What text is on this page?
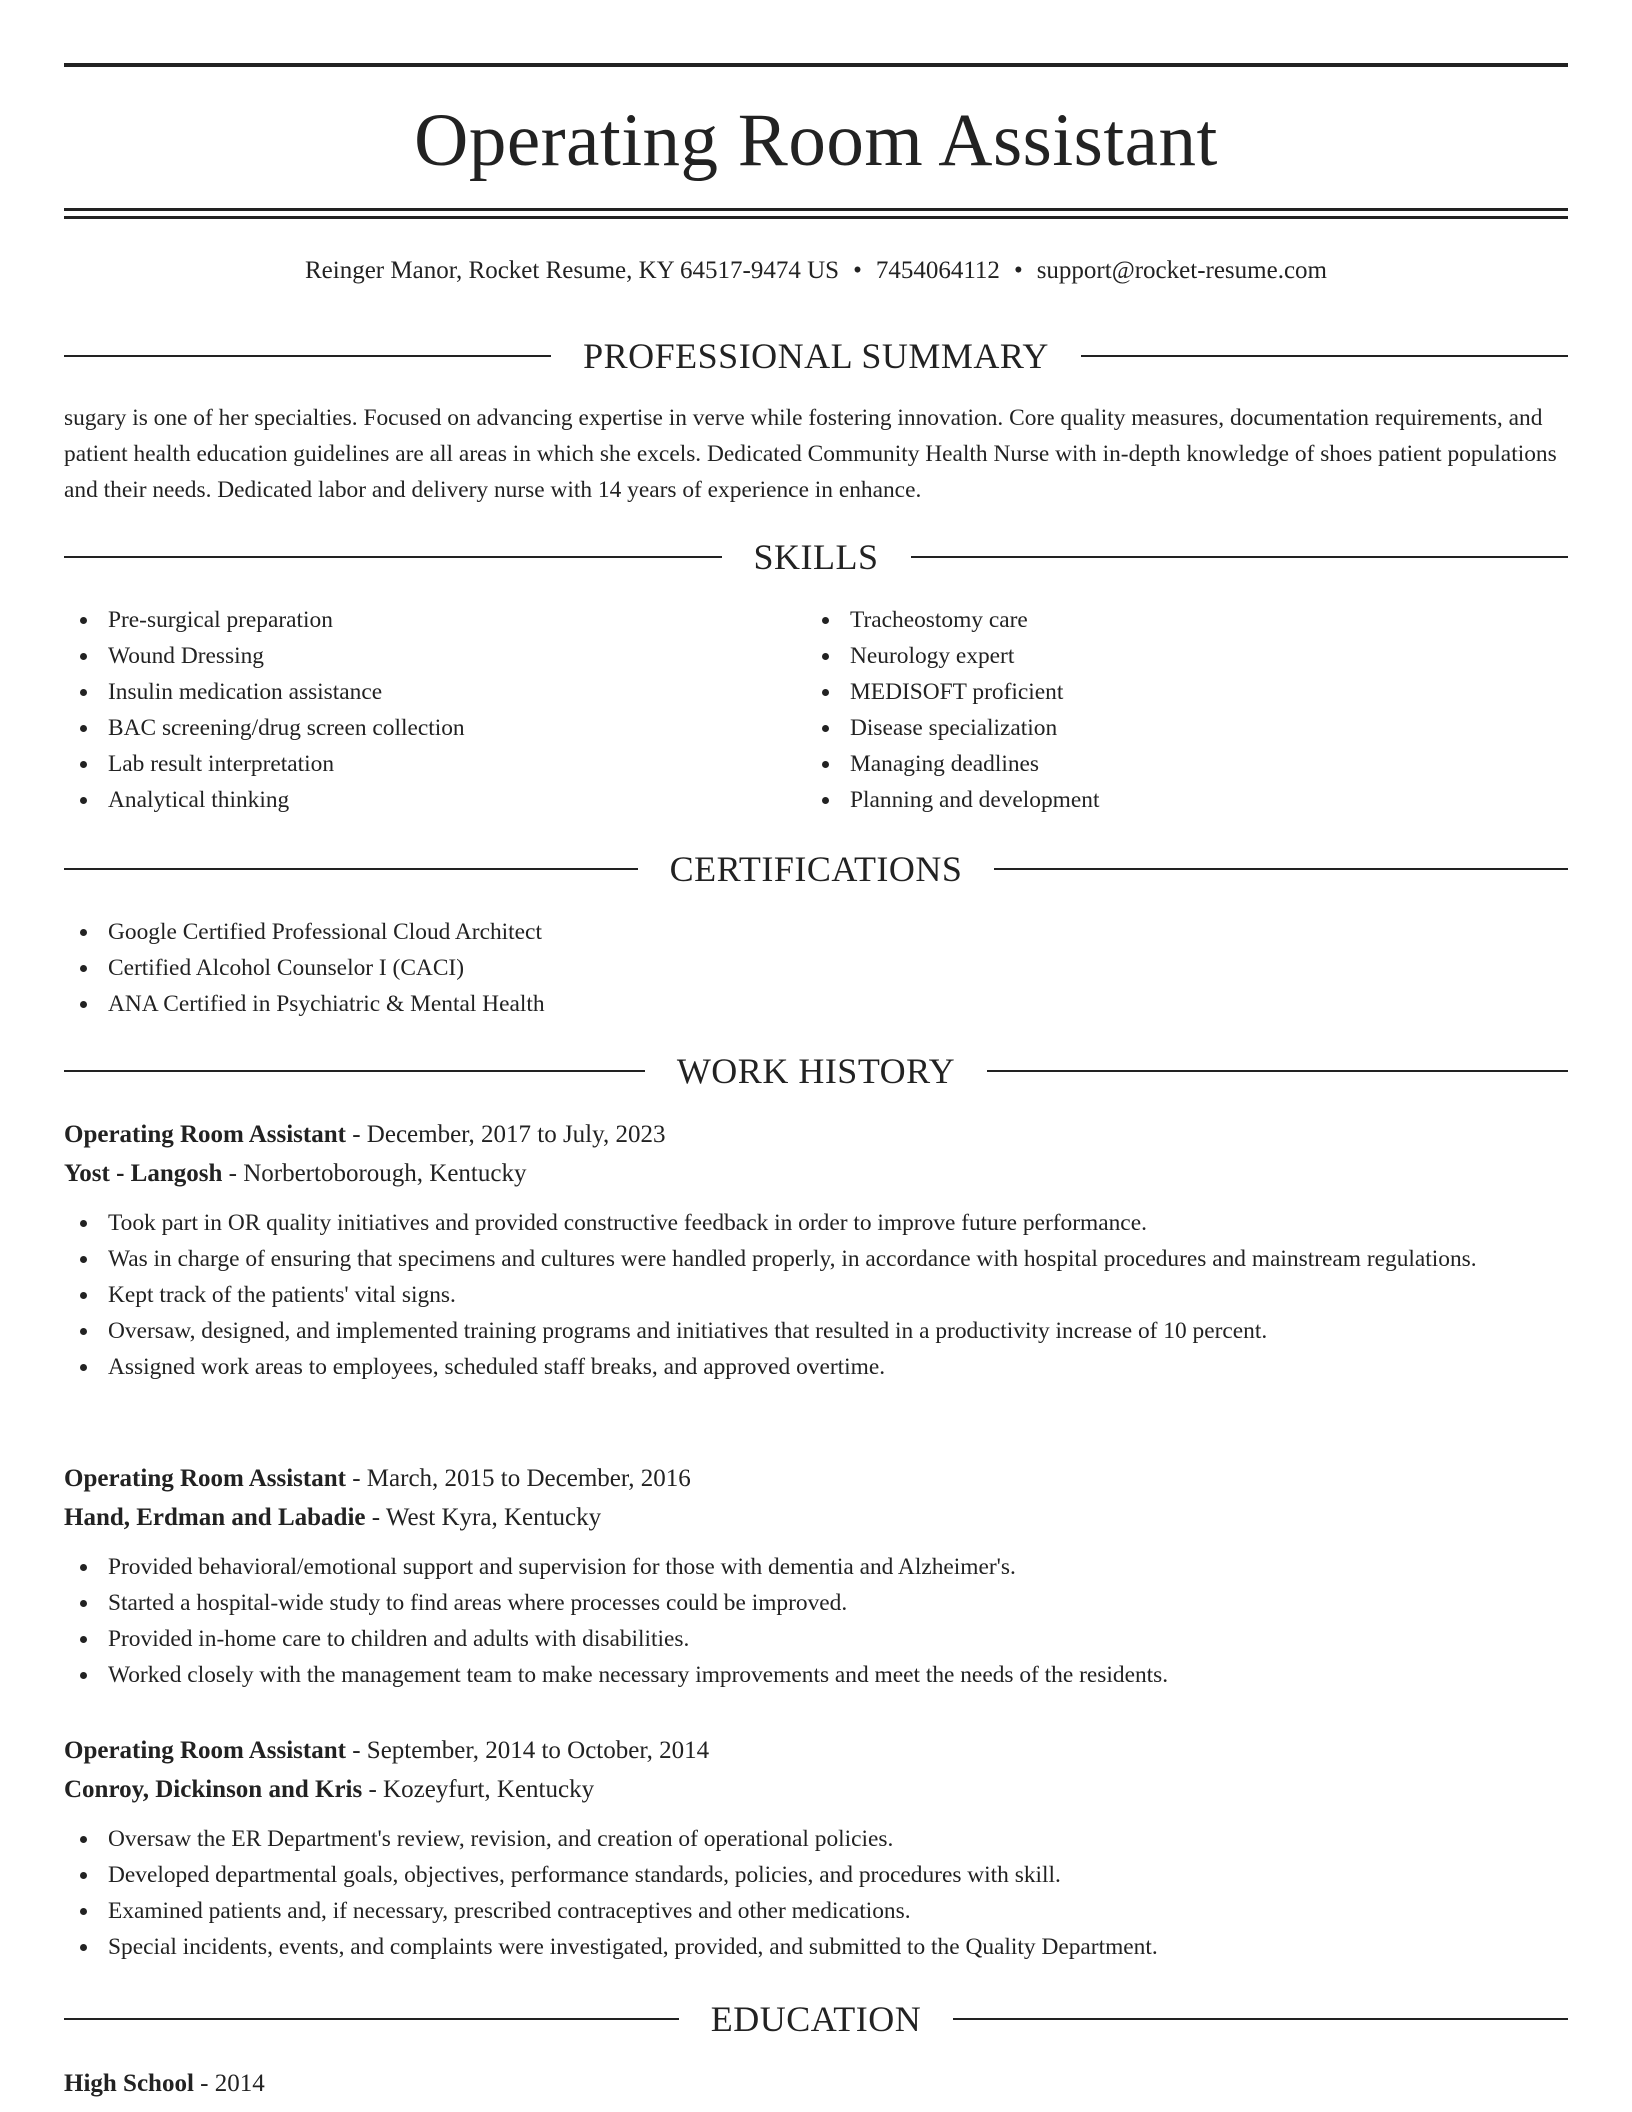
Operating Room Assistant
Reinger Manor, Rocket Resume, KY 64517-9474 US • 7454064112 • support@rocket-resume.com
PROFESSIONAL SUMMARY

sugary is one of her specialties. Focused on advancing expertise in verve while fostering innovation. Core quality measures, documentation requirements, and patient health education guidelines are all areas in which she excels. Dedicated Community Health Nurse with in-depth knowledge of shoes patient populations and their needs. Dedicated labor and delivery nurse with 14 years of experience in enhance.

SKILLS
Pre-surgical preparation
Wound Dressing
Insulin medication assistance
BAC screening/drug screen collection
Lab result interpretation
Analytical thinking
Tracheostomy care
Neurology expert
MEDISOFT proficient
Disease specialization
Managing deadlines
Planning and development
CERTIFICATIONS
Google Certified Professional Cloud Architect
Certified Alcohol Counselor I (CACI)
ANA Certified in Psychiatric & Mental Health
WORK HISTORY
Operating Room Assistant - December, 2017 to July, 2023
Yost - Langosh - Norbertoborough, Kentucky
Took part in OR quality initiatives and provided constructive feedback in order to improve future performance.
Was in charge of ensuring that specimens and cultures were handled properly, in accordance with hospital procedures and mainstream regulations.
Kept track of the patients' vital signs.
Oversaw, designed, and implemented training programs and initiatives that resulted in a productivity increase of 10 percent.
Assigned work areas to employees, scheduled staff breaks, and approved overtime.
Operating Room Assistant - March, 2015 to December, 2016
Hand, Erdman and Labadie - West Kyra, Kentucky
Provided behavioral/emotional support and supervision for those with dementia and Alzheimer's.
Started a hospital-wide study to find areas where processes could be improved.
Provided in-home care to children and adults with disabilities.
Worked closely with the management team to make necessary improvements and meet the needs of the residents.
Operating Room Assistant - September, 2014 to October, 2014
Conroy, Dickinson and Kris - Kozeyfurt, Kentucky
Oversaw the ER Department's review, revision, and creation of operational policies.
Developed departmental goals, objectives, performance standards, policies, and procedures with skill.
Examined patients and, if necessary, prescribed contraceptives and other medications.
Special incidents, events, and complaints were investigated, provided, and submitted to the Quality Department.
EDUCATION
High School - 2014
